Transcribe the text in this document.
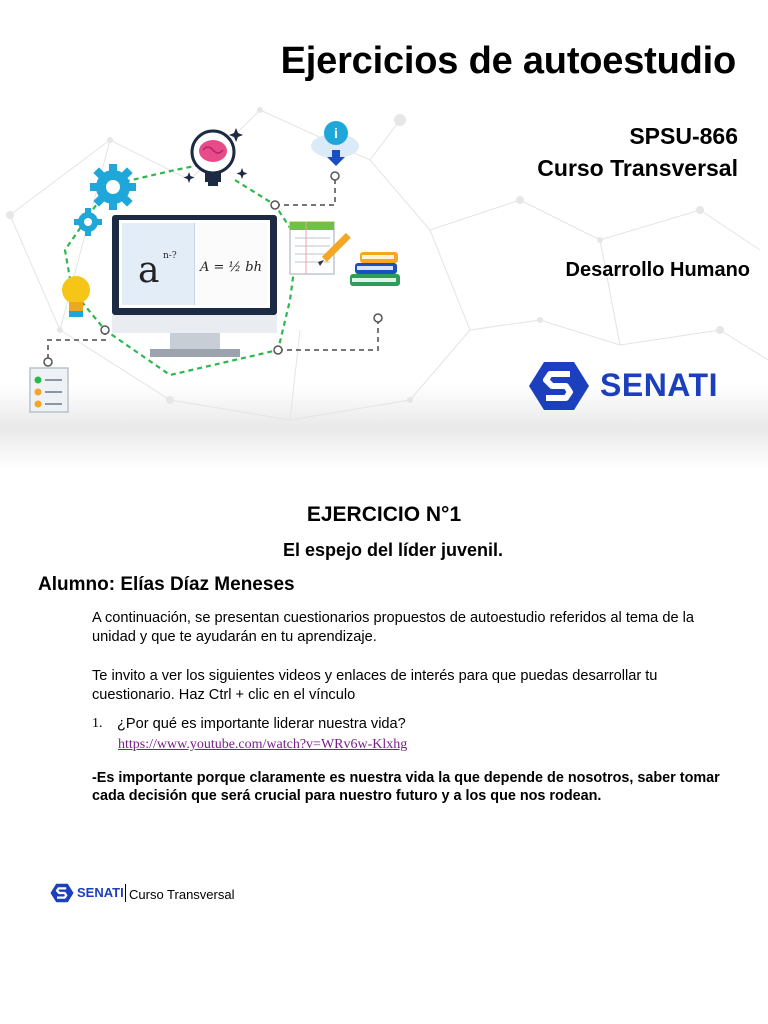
i
a n-?
A = ½ bh
Ejercicios de autoestudio
SPSU-866
Curso Transversal
Desarrollo Humano
SENATI
EJERCICIO N°1
El espejo del líder juvenil.
Alumno: Elías Díaz Meneses

A continuación, se presentan cuestionarios propuestos de autoestudio referidos al tema de la unidad y que te ayudarán en tu aprendizaje.

Te invito a ver los siguientes videos y enlaces de interés para que puedas desarrollar tu cuestionario. Haz Ctrl + clic en el vínculo

1. ¿Por qué es importante liderar nuestra vida?
https://www.youtube.com/watch?v=WRv6w-Klxhg

-Es importante porque claramente es nuestra vida la que depende de nosotros, saber tomar cada decisión que será crucial para nuestro futuro y a los que nos rodean.

SENATI Curso Transversal
